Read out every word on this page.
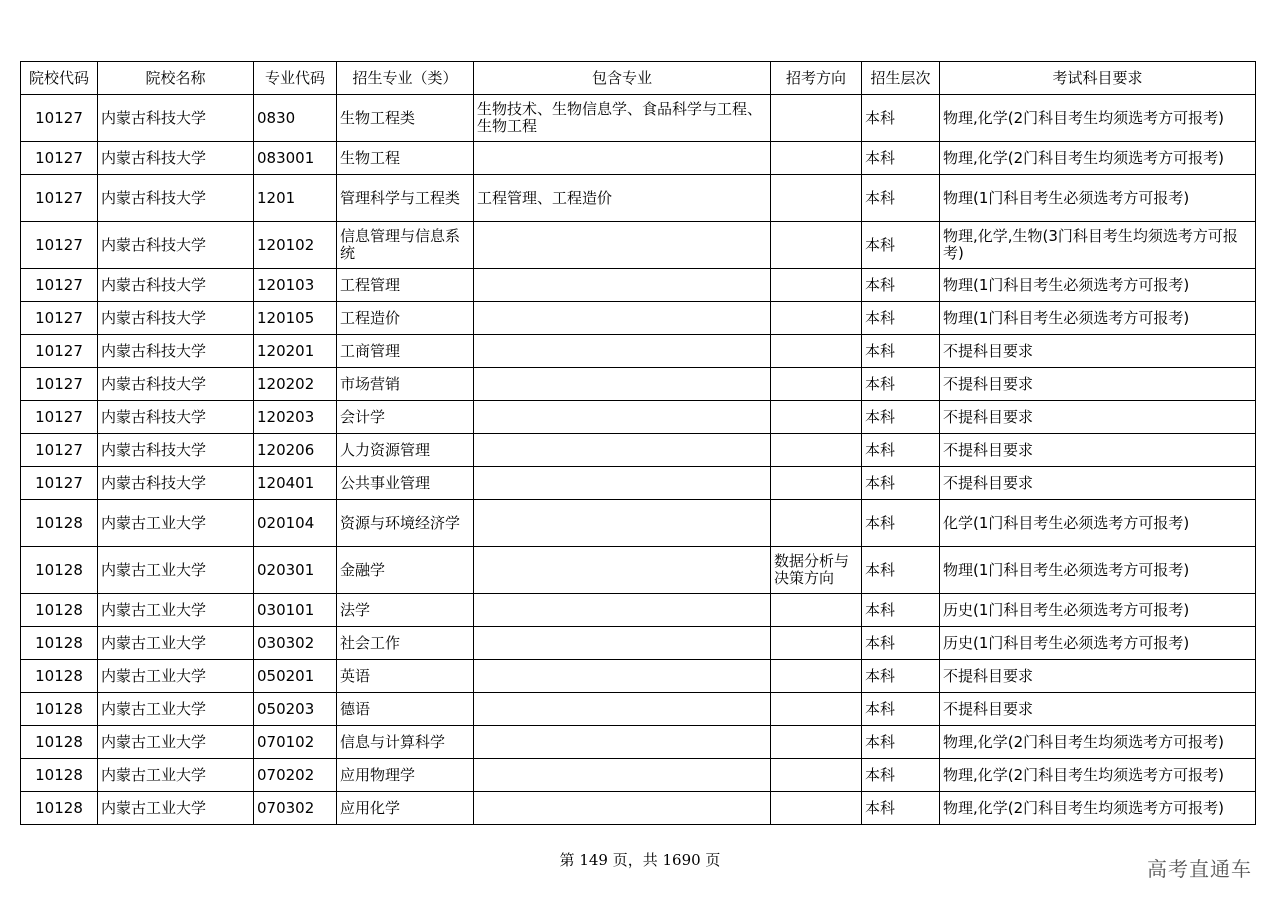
院校代码	院校名称	专业代码	招生专业（类）	包含专业	招考方向	招生层次	考试科目要求
10127	内蒙古科技大学	0830	生物工程类	生物技术、生物信息学、食品科学与工程、生物工程		本科	物理,化学(2门科目考生均须选考方可报考)
10127	内蒙古科技大学	083001	生物工程			本科	物理,化学(2门科目考生均须选考方可报考)
10127	内蒙古科技大学	1201	管理科学与工程类	工程管理、工程造价		本科	物理(1门科目考生必须选考方可报考)
10127	内蒙古科技大学	120102	信息管理与信息系统			本科	物理,化学,生物(3门科目考生均须选考方可报考)
10127	内蒙古科技大学	120103	工程管理			本科	物理(1门科目考生必须选考方可报考)
10127	内蒙古科技大学	120105	工程造价			本科	物理(1门科目考生必须选考方可报考)
10127	内蒙古科技大学	120201	工商管理			本科	不提科目要求
10127	内蒙古科技大学	120202	市场营销			本科	不提科目要求
10127	内蒙古科技大学	120203	会计学			本科	不提科目要求
10127	内蒙古科技大学	120206	人力资源管理			本科	不提科目要求
10127	内蒙古科技大学	120401	公共事业管理			本科	不提科目要求
10128	内蒙古工业大学	020104	资源与环境经济学			本科	化学(1门科目考生必须选考方可报考)
10128	内蒙古工业大学	020301	金融学		数据分析与决策方向	本科	物理(1门科目考生必须选考方可报考)
10128	内蒙古工业大学	030101	法学			本科	历史(1门科目考生必须选考方可报考)
10128	内蒙古工业大学	030302	社会工作			本科	历史(1门科目考生必须选考方可报考)
10128	内蒙古工业大学	050201	英语			本科	不提科目要求
10128	内蒙古工业大学	050203	德语			本科	不提科目要求
10128	内蒙古工业大学	070102	信息与计算科学			本科	物理,化学(2门科目考生均须选考方可报考)
10128	内蒙古工业大学	070202	应用物理学			本科	物理,化学(2门科目考生均须选考方可报考)
10128	内蒙古工业大学	070302	应用化学			本科	物理,化学(2门科目考生均须选考方可报考)
第 149 页，共 1690 页	高考直通车
